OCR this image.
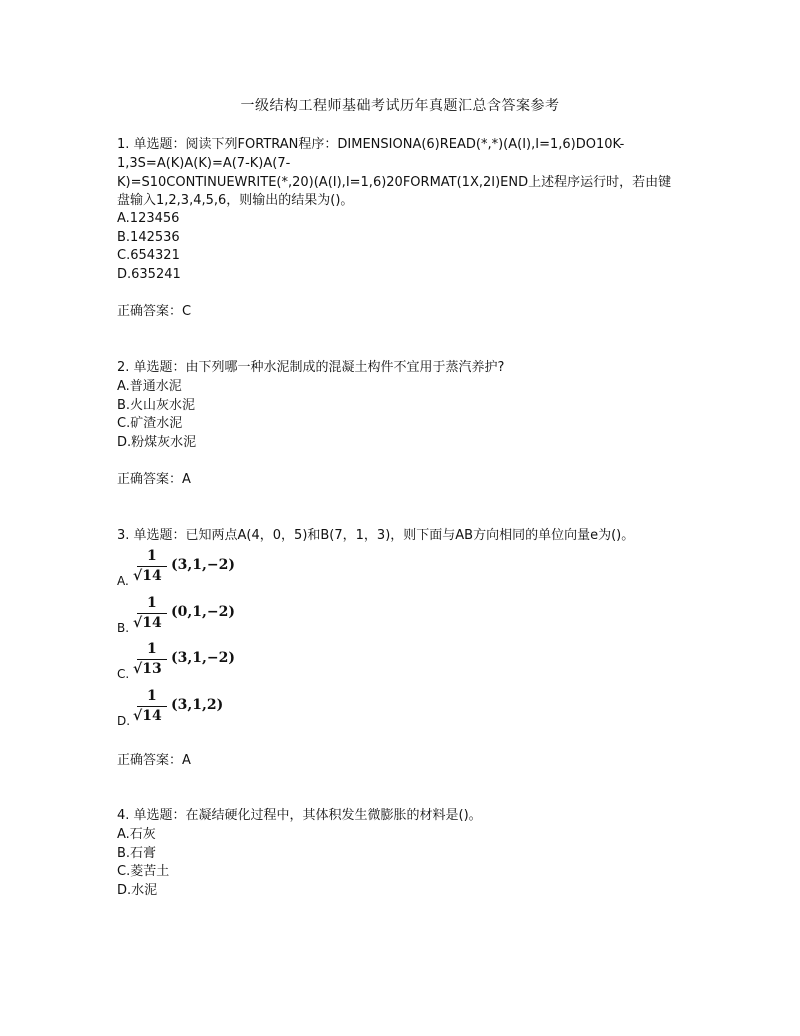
一级结构工程师基础考试历年真题汇总含答案参考
1. 单选题：阅读下列FORTRAN程序：DIMENSIONA(6)READ(*,*)(A(I),I=1,6)DO10K-
1,3S=A(K)A(K)=A(7-K)A(7-
K)=S10CONTINUEWRITE(*,20)(A(I),I=1,6)20FORMAT(1X,2I)END上述程序运行时，若由键
盘输入1,2,3,4,5,6，则输出的结果为()。
A.123456
B.142536
C.654321
D.635241
正确答案：C
2. 单选题：由下列哪一种水泥制成的混凝土构件不宜用于蒸汽养护?
A.普通水泥
B.火山灰水泥
C.矿渣水泥
D.粉煤灰水泥
正确答案：A
3. 单选题：已知两点A(4，0，5)和B(7，1，3)，则下面与AB方向相同的单位向量e为()。
A.
1
√14
(3,1,−2)
B.
1
√14
(0,1,−2)
C.
1
√13
(3,1,−2)
D.
1
√14
(3,1,2)
正确答案：A
4. 单选题：在凝结硬化过程中，其体积发生微膨胀的材料是()。
A.石灰
B.石膏
C.菱苦土
D.水泥
